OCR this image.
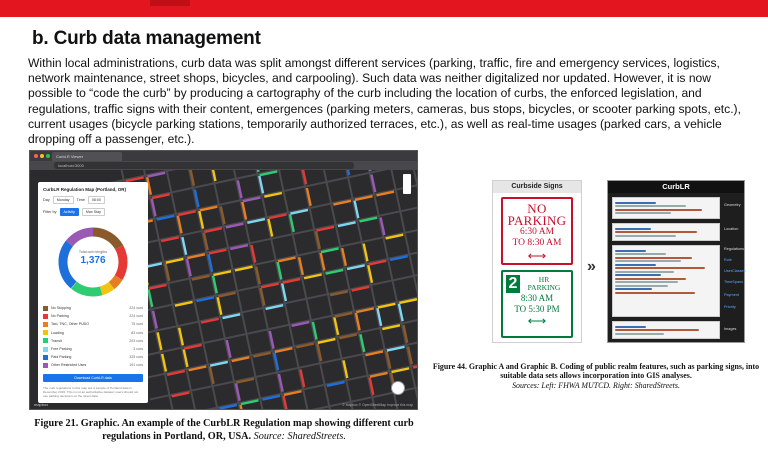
b. Curb data management

Within local administrations, curb data was split amongst different services (parking, traffic, fire and emergency services, logistics, network maintenance, street shops, bicycles, and carpooling). Such data was neither digitalized nor updated. However, it is now possible to “code the curb” by producing a cartography of the curb including the location of curbs, the enforced legislation, and regulations, traffic signs with their content, emergences (parking meters, cameras, bus stops, bicycles, or scooter parking spots, etc.), current usages (bicycle parking stations, temporarily authorized terraces, etc.), as well as real-time usages (parked cars, a vehicle dropping off a passenger, etc.).

CurbLR Viewer
localhost:3000
CurbLR Regulation Map (Portland, OR)
Day	Monday	Time	08:00
Filter by	Activity	Max Stay
Total curb lengths
1,376
No Stopping	224 curs
No Parking	224 curs
Taxi, TNC, Other PUDO	75 curs
Loading	83 curs
Transit	203 curs
Free Parking	3 curs
Paid Parking	325 curs
Other Restricted Uses	191 curs
Download CurbLR data
The curb regulations in this map are a sample of Portland data in December 2019. This is not an authoritative dataset; users should not use parking decisions on the street data.
mapbox	© Mapbox © OpenStreetMap Improve this map
Figure 21. Graphic. An example of the CurbLR Regulation map showing different curb regulations in Portland, OR, USA. Source: SharedStreets.
Curbside Signs
NO
PARKING
6:30 AM
TO 8:30 AM
⟷
2	HR
PARKING
8:30 AM
TO 5:30 PM
⟷
»
CurbLR
Geometry
Location
Regulations
Rule
UserClasses
TimeSpans
Payment
Priority
Images
Figure 44. Graphic A and Graphic B. Coding of public realm features, such as parking signs, into suitable data sets allows incorporation into GIS analyses.
Sources: Left: FHWA MUTCD. Right: SharedStreets.
